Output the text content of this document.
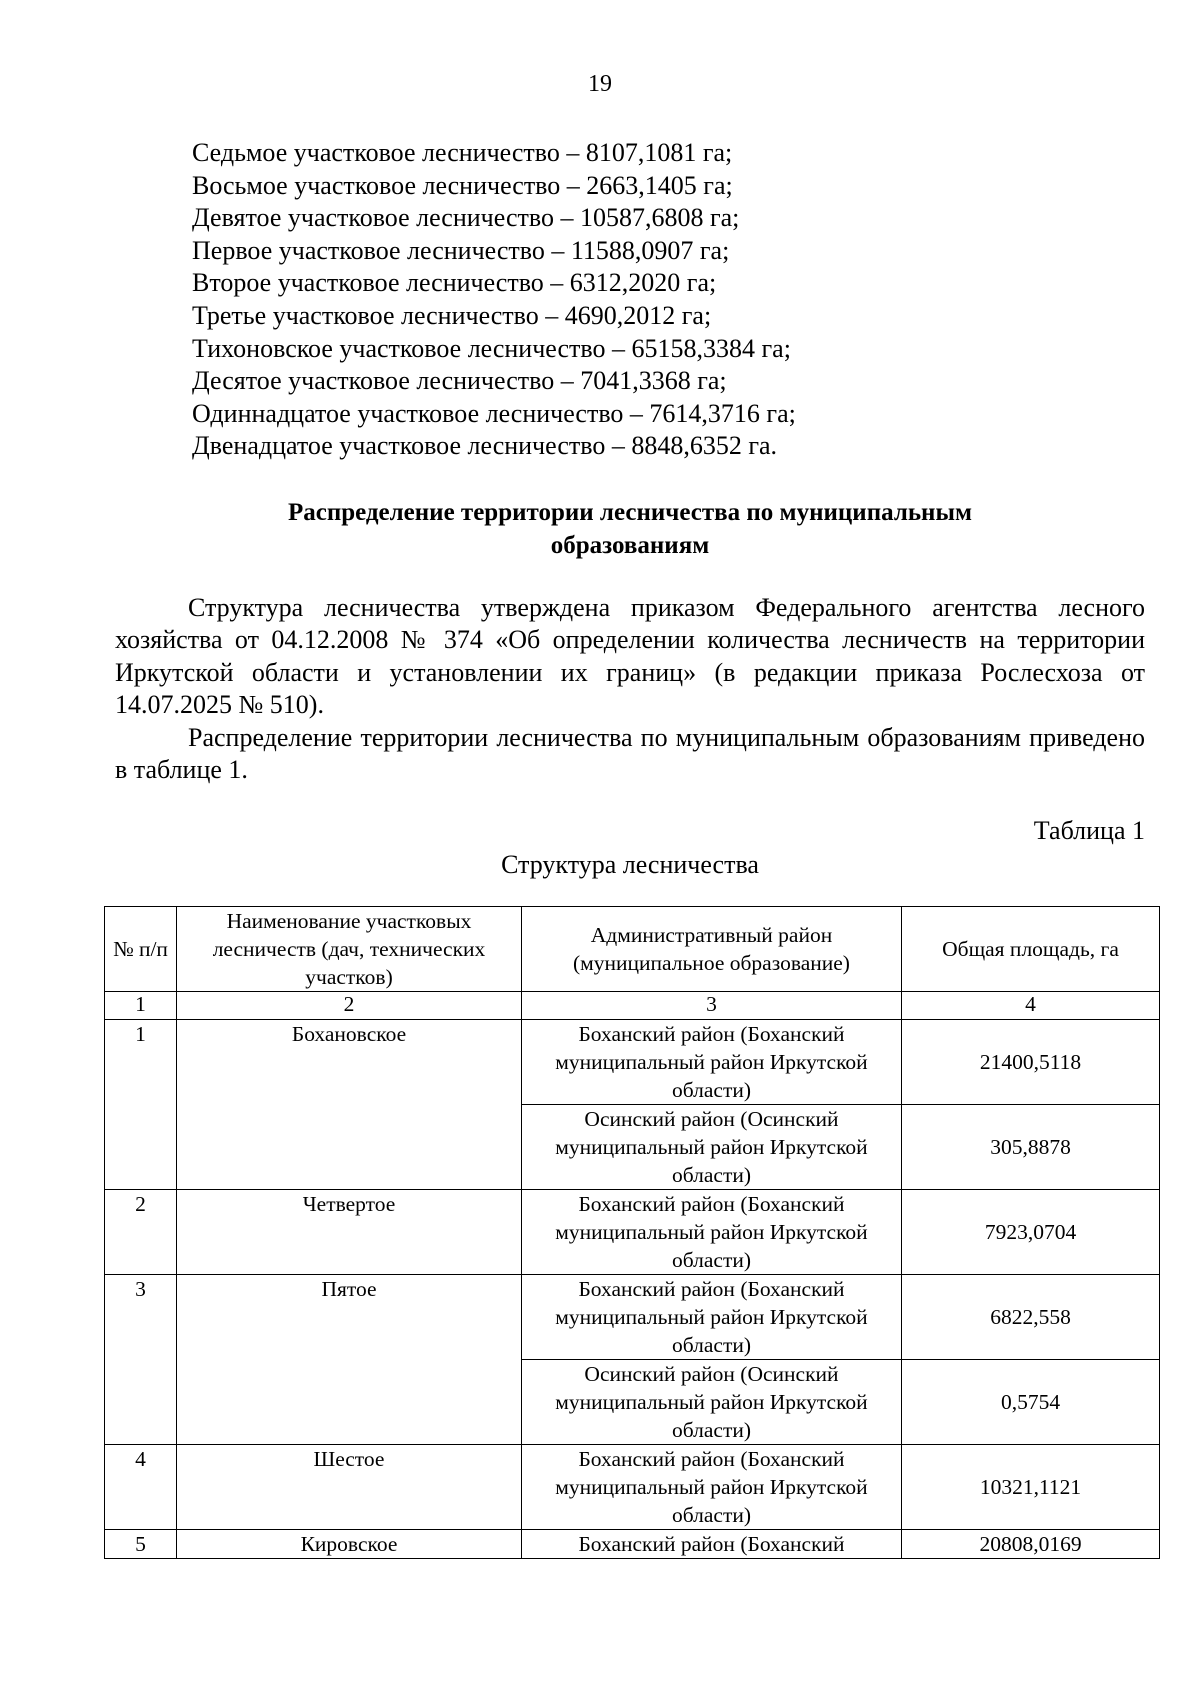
19
Седьмое участковое лесничество – 8107,1081 га;
Восьмое участковое лесничество – 2663,1405 га;
Девятое участковое лесничество – 10587,6808 га;
Первое участковое лесничество – 11588,0907 га;
Второе участковое лесничество – 6312,2020 га;
Третье участковое лесничество – 4690,2012 га;
Тихоновское участковое лесничество – 65158,3384 га;
Десятое участковое лесничество – 7041,3368 га;
Одиннадцатое участковое лесничество – 7614,3716 га;
Двенадцатое участковое лесничество – 8848,6352 га.
Распределение территории лесничества по муниципальным
образованиям

Структура лесничества утверждена приказом Федерального агентства лесного хозяйства от 04.12.2008 № 374 «Об определении количества лесничеств на территории Иркутской области и установлении их границ» (в редакции приказа Рослесхоза от 14.07.2025 № 510).

Распределение территории лесничества по муниципальным образованиям приведено в таблице 1.

Таблица 1
Структура лесничества
№ п/п	Наименование участковых лесничеств (дач, технических участков)	Административный район (муниципальное образование)	Общая площадь, га
1	2	3	4
1	Бохановское	Боханский район (Боханский муниципальный район Иркутской области)	21400,5118
		Осинский район (Осинский муниципальный район Иркутской области)	305,8878
2	Четвертое	Боханский район (Боханский муниципальный район Иркутской области)	7923,0704
3	Пятое	Боханский район (Боханский муниципальный район Иркутской области)	6822,558
		Осинский район (Осинский муниципальный район Иркутской области)	0,5754
4	Шестое	Боханский район (Боханский муниципальный район Иркутской области)	10321,1121
5	Кировское	Боханский район (Боханский	20808,0169
